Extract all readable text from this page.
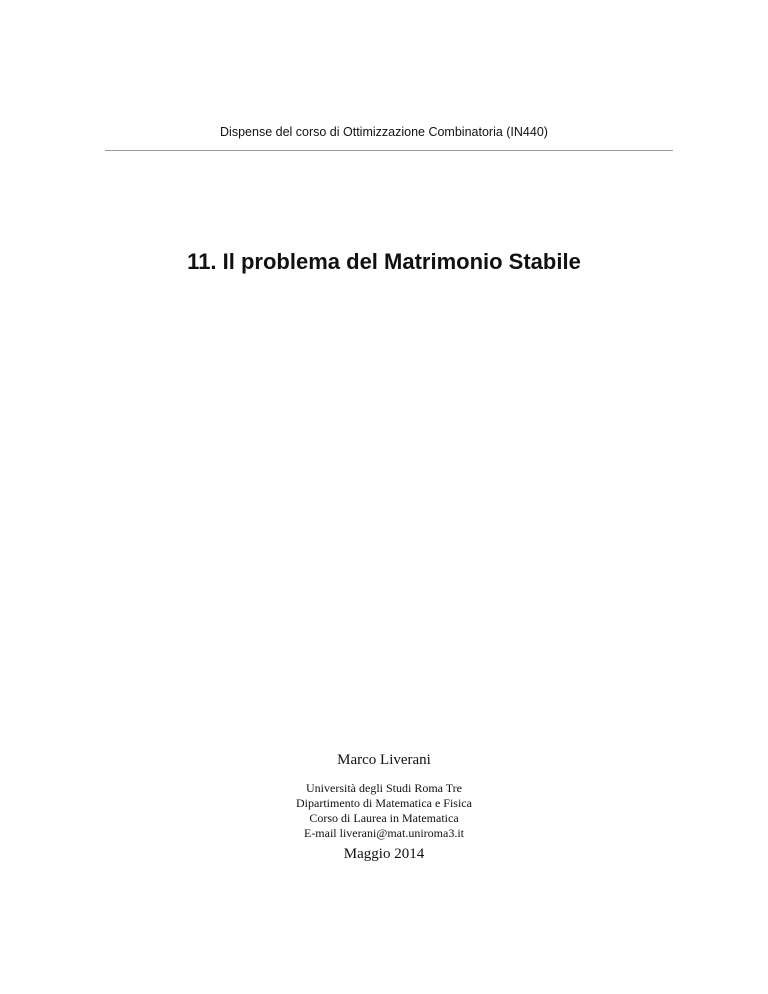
Dispense del corso di Ottimizzazione Combinatoria (IN440)
11. Il problema del Matrimonio Stabile
Marco Liverani
Università degli Studi Roma Tre
Dipartimento di Matematica e Fisica
Corso di Laurea in Matematica
E-mail liverani@mat.uniroma3.it
Maggio 2014
